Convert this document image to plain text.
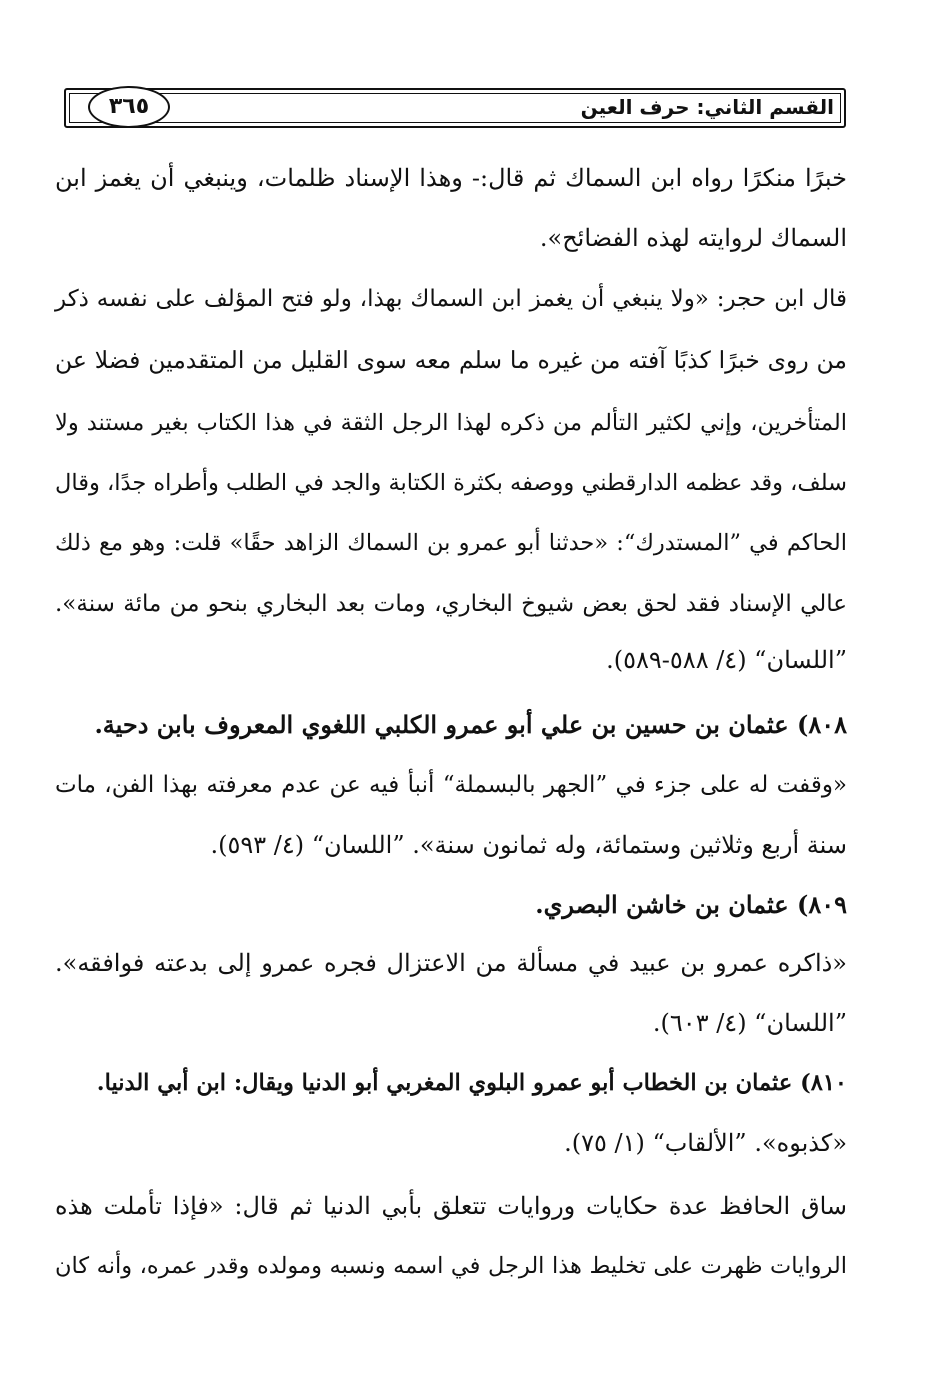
القسم الثاني: حرف العين
٣٦٥
خبرًا منكرًا رواه ابن السماك ثم قال:- وهذا الإسناد ظلمات، وينبغي أن يغمز ابن
السماك لروايته لهذه الفضائح».
قال ابن حجر: «ولا ينبغي أن يغمز ابن السماك بهذا، ولو فتح المؤلف على نفسه ذكر
من روى خبرًا كذبًا آفته من غيره ما سلم معه سوى القليل من المتقدمين فضلا عن
المتأخرين، وإني لكثير التألم من ذكره لهذا الرجل الثقة في هذا الكتاب بغير مستند ولا
سلف، وقد عظمه الدارقطني ووصفه بكثرة الكتابة والجد في الطلب وأطراه جدًا، وقال
الحاكم في ”المستدرك“: «حدثنا أبو عمرو بن السماك الزاهد حقًا» قلت: وهو مع ذلك
عالي الإسناد فقد لحق بعض شيوخ البخاري، ومات بعد البخاري بنحو من مائة سنة».
”اللسان“ (٤/ ٥٨٨-٥٨٩).
٨٠٨) عثمان بن حسين بن علي أبو عمرو الكلبي اللغوي المعروف بابن دحية.
«وقفت له على جزء في ”الجهر بالبسملة“ أنبأ فيه عن عدم معرفته بهذا الفن، مات
سنة أربع وثلاثين وستمائة، وله ثمانون سنة». ”اللسان“ (٤/ ٥٩٣).
٨٠٩) عثمان بن خاشن البصري.
«ذاكره عمرو بن عبيد في مسألة من الاعتزال فجره عمرو إلى بدعته فوافقه».
”اللسان“ (٤/ ٦٠٣).
٨١٠) عثمان بن الخطاب أبو عمرو البلوي المغربي أبو الدنيا ويقال: ابن أبي الدنيا.
«كذبوه». ”الألقاب“ (١/ ٧٥).
ساق الحافظ عدة حكايات وروايات تتعلق بأبي الدنيا ثم قال: «فإذا تأملت هذه
الروايات ظهرت على تخليط هذا الرجل في اسمه ونسبه ومولده وقدر عمره، وأنه كان
